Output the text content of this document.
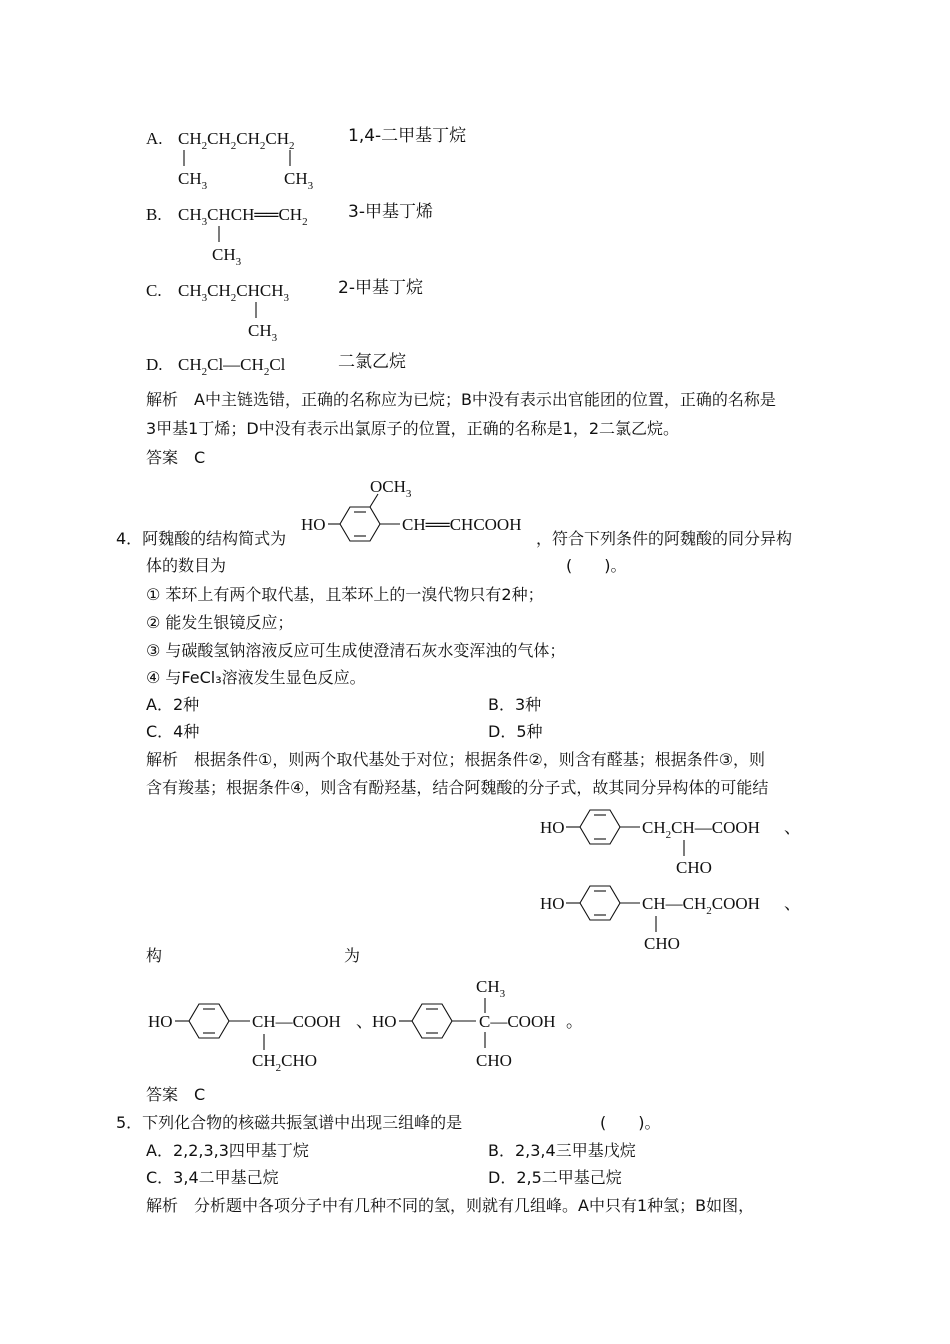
A. $CH_2CH_2CH_2CH_2$
$CH_3$	$CH_3$
1,4-二甲基丁烷
B. $CH_3CHCH══CH_2$
$CH_3$
3-甲基丁烯
C. $CH_3CH_2CHCH_3$
$CH_3$
2-甲基丁烷
D. $CH_2Cl—CH_2Cl$	二氯乙烷
解析　A中主链选错，正确的名称应为已烷；B中没有表示出官能团的位置，正确的名称是
3甲基1丁烯；D中没有表示出氯原子的位置，正确的名称是1，2二氯乙烷。
答案　C
4．阿魏酸的结构简式为
HO
$OCH_3$
CH══CHCOOH
，符合下列条件的阿魏酸的同分异构
体的数目为	(　　)。
① 苯环上有两个取代基，且苯环上的一溴代物只有2种；
② 能发生银镜反应；
③ 与碳酸氢钠溶液反应可生成使澄清石灰水变浑浊的气体；
④ 与FeCl₃溶液发生显色反应。
A．2种	B．3种
C．4种	D．5种
解析　根据条件①，则两个取代基处于对位；根据条件②，则含有醛基；根据条件③，则
含有羧基；根据条件④，则含有酚羟基，结合阿魏酸的分子式，故其同分异构体的可能结
HO	$CH_2CH—COOH$
CHO
、
HO	$CH—CH_2COOH$
CHO
、
构	为
HO	CH—COOH
$CH_2CHO$
、 HO
$CH_3$
C—COOH
CHO
。
答案　C
5．下列化合物的核磁共振氢谱中出现三组峰的是	(　　)。
A．2,2,3,3四甲基丁烷	B．2,3,4三甲基戊烷
C．3,4二甲基己烷	D．2,5二甲基己烷
解析　分析题中各项分子中有几种不同的氢，则就有几组峰。A中只有1种氢；B如图，
